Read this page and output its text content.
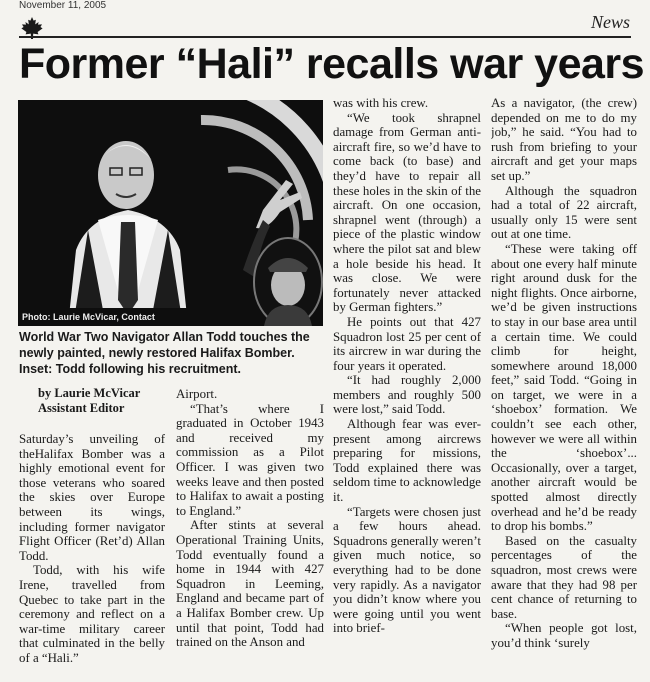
November 11, 2005
News
Former “Hali” recalls war years
Photo: Laurie McVicar, Contact
World War Two Navigator Allan Todd touches the newly painted, newly restored Halifax Bomber. Inset: Todd following his recruitment.
by Laurie McVicar
Assistant Editor

Saturday’s unveiling of theHalifax Bomber was a highly emotional event for those veterans who soared the skies over Europe between its wings, including former navigator Flight Officer (Ret’d) Allan Todd.

Todd, with his wife Irene, travelled from Quebec to take part in the ceremony and reflect on a war-time military career that culminated in the belly of a “Hali.”

Airport.

“That’s where I graduated in October 1943 and received my commission as a Pilot Officer. I was given two weeks leave and then posted to Halifax to await a posting to England.”

After stints at several Operational Training Units, Todd eventually found a home in 1944 with 427 Squadron in Leeming, England and became part of a Halifax Bomber crew. Up until that point, Todd had trained on the Anson and

was with his crew.

“We took shrapnel damage from German anti-aircraft fire, so we’d have to come back (to base) and they’d have to repair all these holes in the skin of the aircraft. On one occasion, shrapnel went (through) a piece of the plastic window where the pilot sat and blew a hole beside his head. It was close. We were fortunately never attacked by German fighters.”

He points out that 427 Squadron lost 25 per cent of its aircrew in war during the four years it operated.

“It had roughly 2,000 members and roughly 500 were lost,” said Todd.

Although fear was ever-present among aircrews preparing for missions, Todd explained there was seldom time to acknowledge it.

“Targets were chosen just a few hours ahead. Squadrons generally weren’t given much notice, so everything had to be done very rapidly. As a navigator you didn’t know where you were going until you went into brief-

As a navigator, (the crew) depended on me to do my job,” he said. “You had to rush from briefing to your aircraft and get your maps set up.”

Although the squadron had a total of 22 aircraft, usually only 15 were sent out at one time.

“These were taking off about one every half minute right around dusk for the night flights. Once airborne, we’d be given instructions to stay in our base area until a certain time. We could climb for height, somewhere around 18,000 feet,” said Todd. “Going in on target, we were in a ‘shoebox’ formation. We couldn’t see each other, however we were all within the ‘shoebox’... Occasionally, over a target, another aircraft would be spotted almost directly overhead and he’d be ready to drop his bombs.”

Based on the casualty percentages of the squadron, most crews were aware that they had 98 per cent chance of returning to base.

“When people got lost, you’d think ‘surely
